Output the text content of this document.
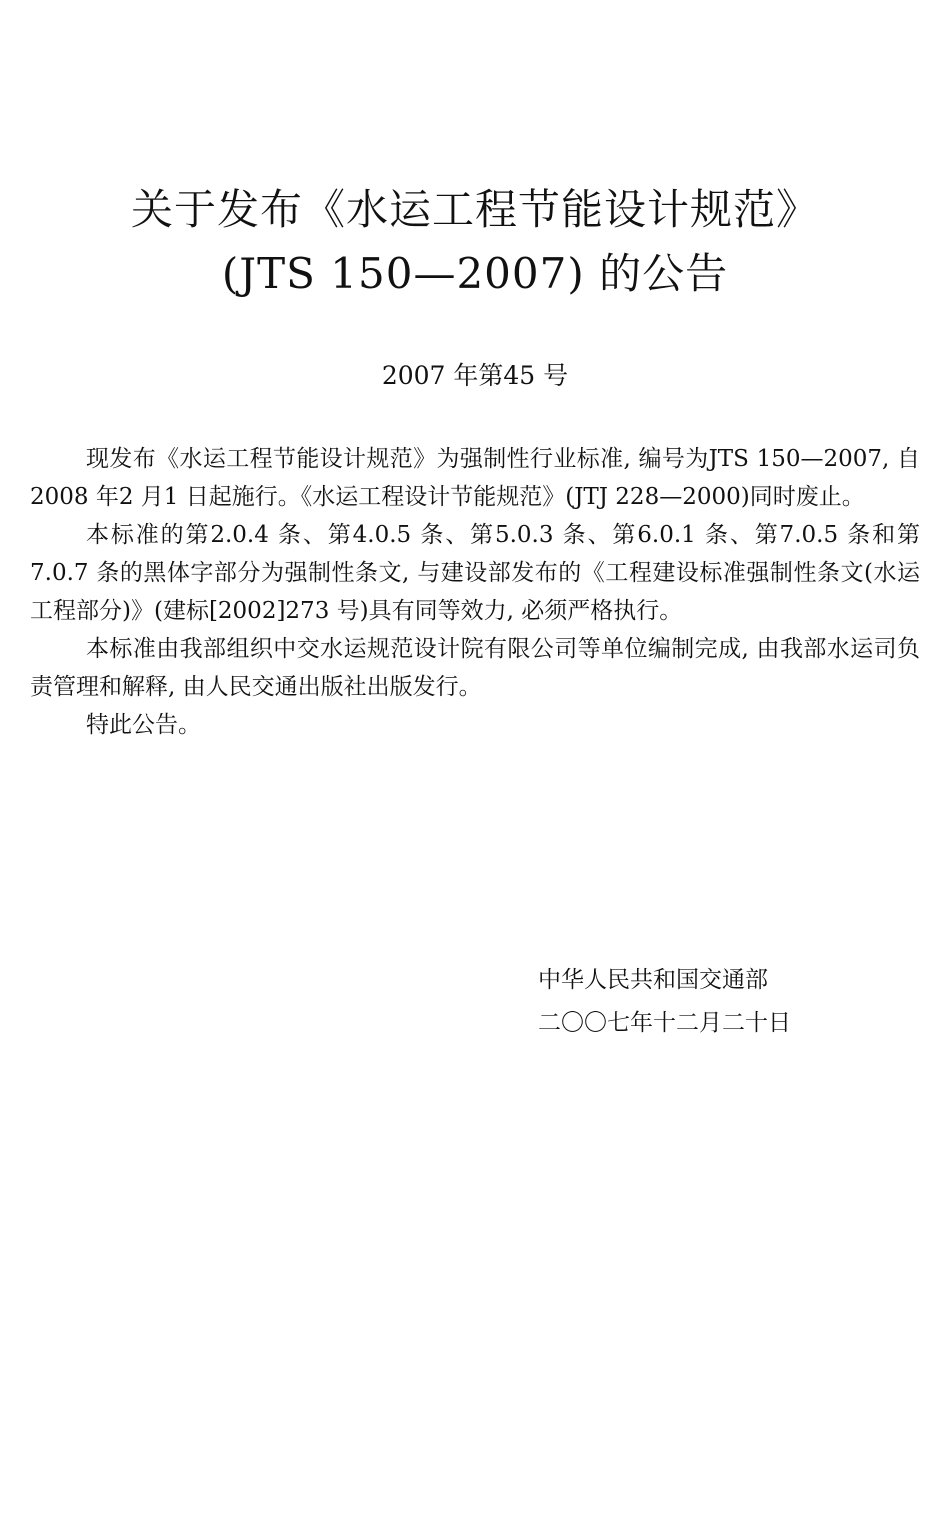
关于发布《水运工程节能设计规范》
(JTS 150—2007) 的公告
2007 年第45 号

现发布《水运工程节能设计规范》为强制性行业标准, 编号为JTS 150—2007, 自2008 年2 月1 日起施行。《水运工程设计节能规范》(JTJ 228—2000)同时废止。

本标准的第2.0.4 条、第4.0.5 条、第5.0.3 条、第6.0.1 条、第7.0.5 条和第7.0.7 条的黑体字部分为强制性条文, 与建设部发布的《工程建设标准强制性条文(水运工程部分)》(建标[2002]273 号)具有同等效力, 必须严格执行。

本标准由我部组织中交水运规范设计院有限公司等单位编制完成, 由我部水运司负责管理和解释, 由人民交通出版社出版发行。

特此公告。

中华人民共和国交通部
二〇〇七年十二月二十日
